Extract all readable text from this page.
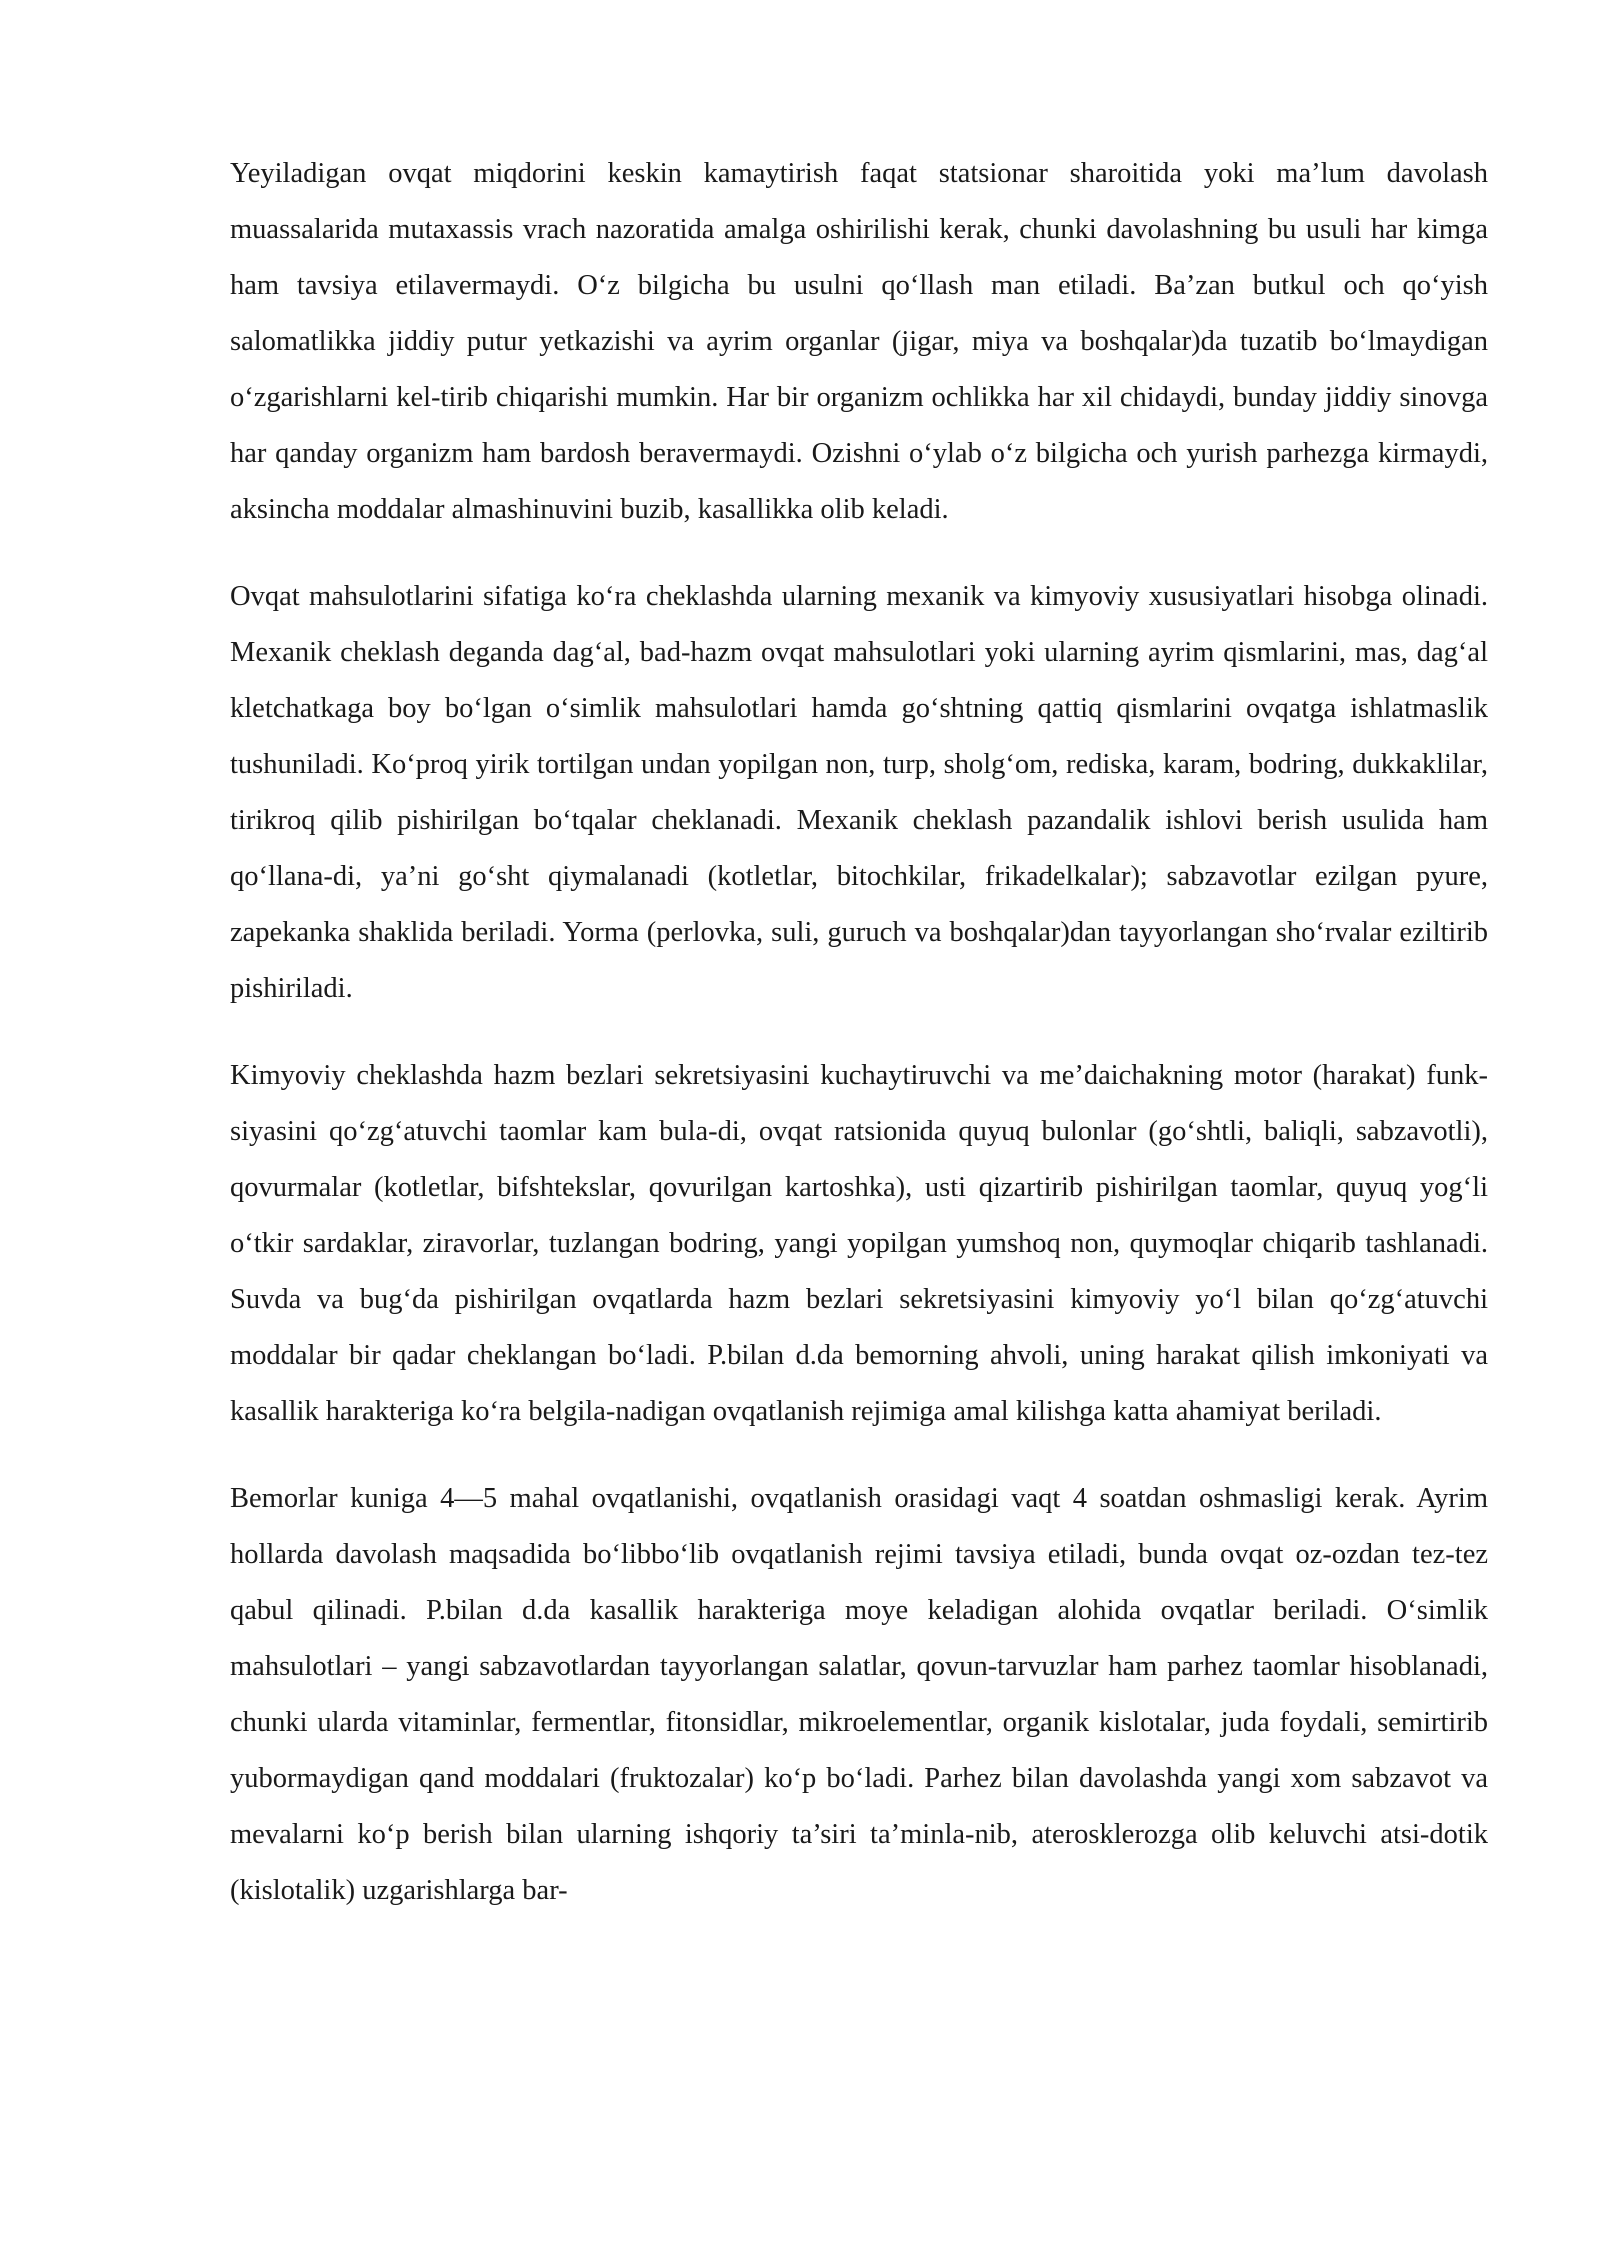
Yeyiladigan ovqat miqdorini keskin kamaytirish faqat statsionar sharoitida yoki ma’lum davolash muassalarida mutaxassis vrach nazoratida amalga oshirilishi kerak, chunki davolashning bu usuli har kimga ham tavsiya etilavermaydi. O‘z bilgicha bu usulni qo‘llash man etiladi. Ba’zan butkul och qo‘yish salomatlikka jiddiy putur yetkazishi va ayrim organlar (jigar, miya va boshqalar)da tuzatib bo‘lmaydigan o‘zgarishlarni kel-tirib chiqarishi mumkin. Har bir organizm ochlikka har xil chidaydi, bunday jiddiy sinovga har qanday organizm ham bardosh beravermaydi. Ozishni o‘ylab o‘z bilgicha och yurish parhezga kirmaydi, aksincha moddalar almashinuvini buzib, kasallikka olib keladi.

Ovqat mahsulotlarini sifatiga ko‘ra cheklashda ularning mexanik va kimyoviy xususiyatlari hisobga olinadi. Mexanik cheklash deganda dag‘al, bad-hazm ovqat mahsulotlari yoki ularning ayrim qismlarini, mas, dag‘al kletchatkaga boy bo‘lgan o‘simlik mahsulotlari hamda go‘shtning qattiq qismlarini ovqatga ishlatmaslik tushuniladi. Ko‘proq yirik tortilgan undan yopilgan non, turp, sholg‘om, rediska, karam, bodring, dukkaklilar, tirikroq qilib pishirilgan bo‘tqalar cheklanadi. Mexanik cheklash pazandalik ishlovi berish usulida ham qo‘llana-di, ya’ni go‘sht qiymalanadi (kotletlar, bitochkilar, frikadelkalar); sabzavotlar ezilgan pyure, zapekanka shaklida beriladi. Yorma (perlovka, suli, guruch va boshqalar)dan tayyorlangan sho‘rvalar eziltirib pishiriladi.

Kimyoviy cheklashda hazm bezlari sekretsiyasini kuchaytiruvchi va me’daichakning motor (harakat) funk-siyasini qo‘zg‘atuvchi taomlar kam bula-di, ovqat ratsionida quyuq bulonlar (go‘shtli, baliqli, sabzavotli), qovurmalar (kotletlar, bifshtekslar, qovurilgan kartoshka), usti qizartirib pishirilgan taomlar, quyuq yog‘li o‘tkir sardaklar, ziravorlar, tuzlangan bodring, yangi yopilgan yumshoq non, quymoqlar chiqarib tashlanadi. Suvda va bug‘da pishirilgan ovqatlarda hazm bezlari sekretsiyasini kimyoviy yo‘l bilan qo‘zg‘atuvchi moddalar bir qadar cheklangan bo‘ladi. P.bilan d.da bemorning ahvoli, uning harakat qilish imkoniyati va kasallik harakteriga ko‘ra belgila-nadigan ovqatlanish rejimiga amal kilishga katta ahamiyat beriladi.

Bemorlar kuniga 4—5 mahal ovqatlanishi, ovqatlanish orasidagi vaqt 4 soatdan oshmasligi kerak. Ayrim hollarda davolash maqsadida bo‘libbo‘lib ovqatlanish rejimi tavsiya etiladi, bunda ovqat oz-ozdan tez-tez qabul qilinadi. P.bilan d.da kasallik harakteriga moye keladigan alohida ovqatlar beriladi. O‘simlik mahsulotlari – yangi sabzavotlardan tayyorlangan salatlar, qovun-tarvuzlar ham parhez taomlar hisoblanadi, chunki ularda vitaminlar, fermentlar, fitonsidlar, mikroelementlar, organik kislotalar, juda foydali, semirtirib yubormaydigan qand moddalari (fruktozalar) ko‘p bo‘ladi. Parhez bilan davolashda yangi xom sabzavot va mevalarni ko‘p berish bilan ularning ishqoriy ta’siri ta’minla-nib, aterosklerozga olib keluvchi atsi-dotik (kislotalik) uzgarishlarga bar-
